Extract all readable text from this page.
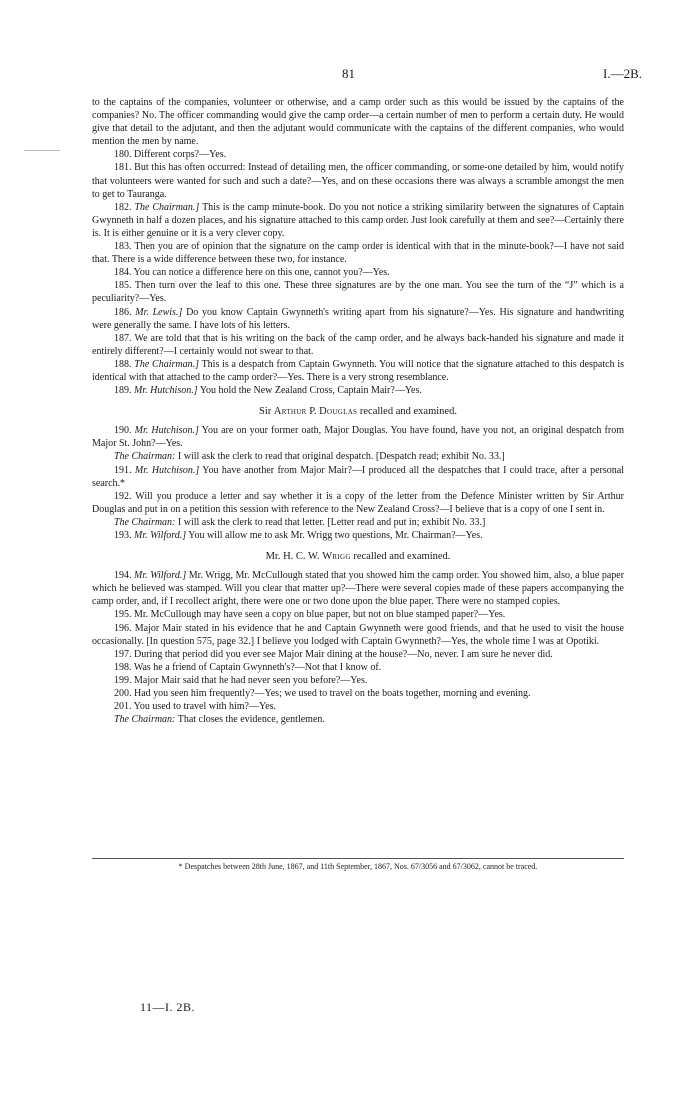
81	I.—2B.

to the captains of the companies, volunteer or otherwise, and a camp order such as this would be issued by the captains of the companies? No. The officer commanding would give the camp order—a certain number of men to perform a certain duty. He would give that detail to the adjutant, and then the adjutant would communicate with the captains of the different companies, who would mention the men by name.

180. Different corps?—Yes.

181. But this has often occurred: Instead of detailing men, the officer commanding, or some-one detailed by him, would notify that volunteers were wanted for such and such a date?—Yes, and on these occasions there was always a scramble amongst the men to get to Tauranga.

182. The Chairman.] This is the camp minute-book. Do you not notice a striking similarity between the signatures of Captain Gwynneth in half a dozen places, and his signature attached to this camp order. Just look carefully at them and see?—Certainly there is. It is either genuine or it is a very clever copy.

183. Then you are of opinion that the signature on the camp order is identical with that in the minute-book?—I have not said that. There is a wide difference between these two, for instance.

184. You can notice a difference here on this one, cannot you?—Yes.

185. Then turn over the leaf to this one. These three signatures are by the one man. You see the turn of the “J” which is a peculiarity?—Yes.

186. Mr. Lewis.] Do you know Captain Gwynneth's writing apart from his signature?—Yes. His signature and handwriting were generally the same. I have lots of his letters.

187. We are told that that is his writing on the back of the camp order, and he always back-handed his signature and made it entirely different?—I certainly would not swear to that.

188. The Chairman.] This is a despatch from Captain Gwynneth. You will notice that the signature attached to this despatch is identical with that attached to the camp order?—Yes. There is a very strong resemblance.

189. Mr. Hutchison.] You hold the New Zealand Cross, Captain Mair?—Yes.

Sir Arthur P. Douglas recalled and examined.

190. Mr. Hutchison.] You are on your former oath, Major Douglas. You have found, have you not, an original despatch from Major St. John?—Yes.

The Chairman: I will ask the clerk to read that original despatch. [Despatch read; exhibit No. 33.]

191. Mr. Hutchison.] You have another from Major Mair?—I produced all the despatches that I could trace, after a personal search.*

192. Will you produce a letter and say whether it is a copy of the letter from the Defence Minister written by Sir Arthur Douglas and put in on a petition this session with reference to the New Zealand Cross?—I believe that is a copy of one I sent in.

The Chairman: I will ask the clerk to read that letter. [Letter read and put in; exhibit No. 33.]

193. Mr. Wilford.] You will allow me to ask Mr. Wrigg two questions, Mr. Chairman?—Yes.

Mr. H. C. W. Wrigg recalled and examined.

194. Mr. Wilford.] Mr. Wrigg, Mr. McCullough stated that you showed him the camp order. You showed him, also, a blue paper which he believed was stamped. Will you clear that matter up?—There were several copies made of these papers accompanying the camp order, and, if I recollect aright, there were one or two done upon the blue paper. There were no stamped copies.

195. Mr. McCullough may have seen a copy on blue paper, but not on blue stamped paper?—Yes.

196. Major Mair stated in his evidence that he and Captain Gwynneth were good friends, and that he used to visit the house occasionally. [In question 575, page 32.] I believe you lodged with Captain Gwynneth?—Yes, the whole time I was at Opotiki.

197. During that period did you ever see Major Mair dining at the house?—No, never. I am sure he never did.

198. Was he a friend of Captain Gwynneth's?—Not that I know of.

199. Major Mair said that he had never seen you before?—Yes.

200. Had you seen him frequently?—Yes; we used to travel on the boats together, morning and evening.

201. You used to travel with him?—Yes.

The Chairman: That closes the evidence, gentlemen.

* Despatches between 28th June, 1867, and 11th September, 1867, Nos. 67/3056 and 67/3062, cannot be traced.
11—I. 2B.
